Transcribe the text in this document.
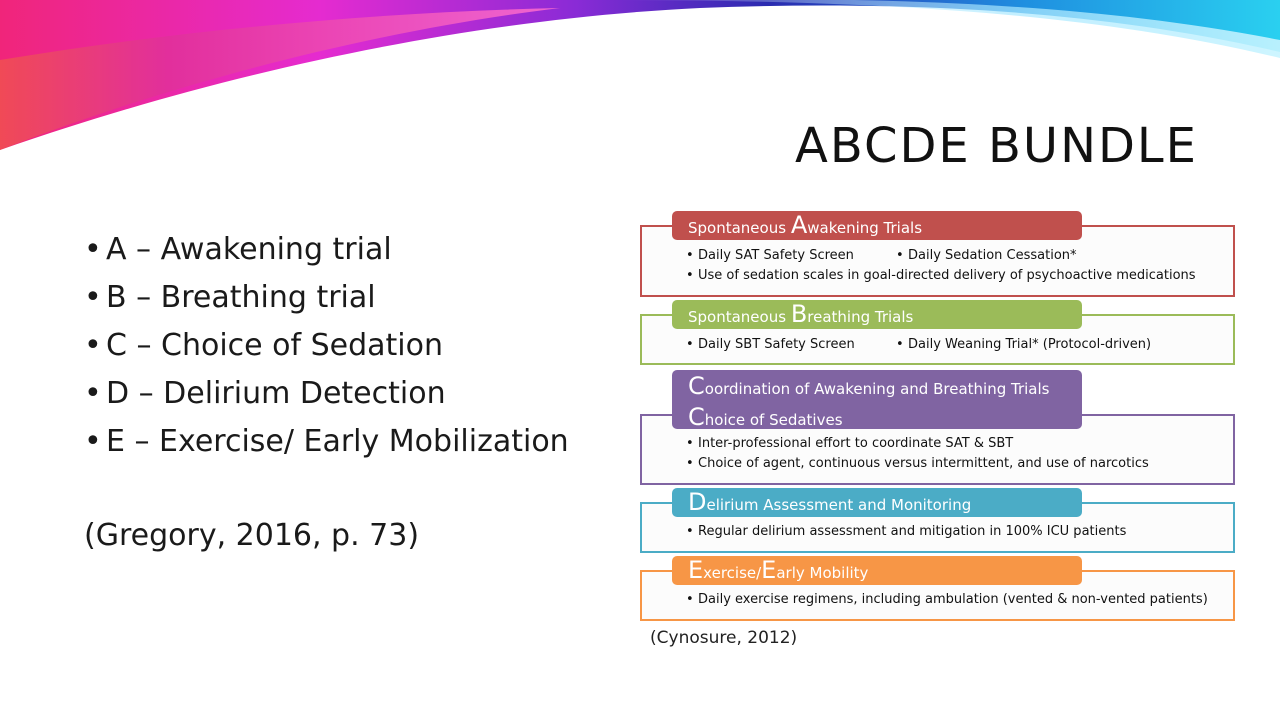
ABCDE BUNDLE
• A – Awakening trial
• B – Breathing trial
• C – Choice of Sedation
• D – Delirium Detection
• E – Exercise/ Early Mobilization
(Gregory, 2016, p. 73)
Spontaneous Awakening Trials
• Daily SAT Safety Screen	• Daily Sedation Cessation*
• Use of sedation scales in goal-directed delivery of psychoactive medications
Spontaneous Breathing Trials
• Daily SBT Safety Screen	• Daily Weaning Trial* (Protocol-driven)
Coordination of Awakening and Breathing Trials
Choice of Sedatives
• Inter-professional effort to coordinate SAT & SBT
• Choice of agent, continuous versus intermittent, and use of narcotics
Delirium Assessment and Monitoring
• Regular delirium assessment and mitigation in 100% ICU patients
Exercise/Early Mobility
• Daily exercise regimens, including ambulation (vented & non-vented patients)
(Cynosure, 2012)
